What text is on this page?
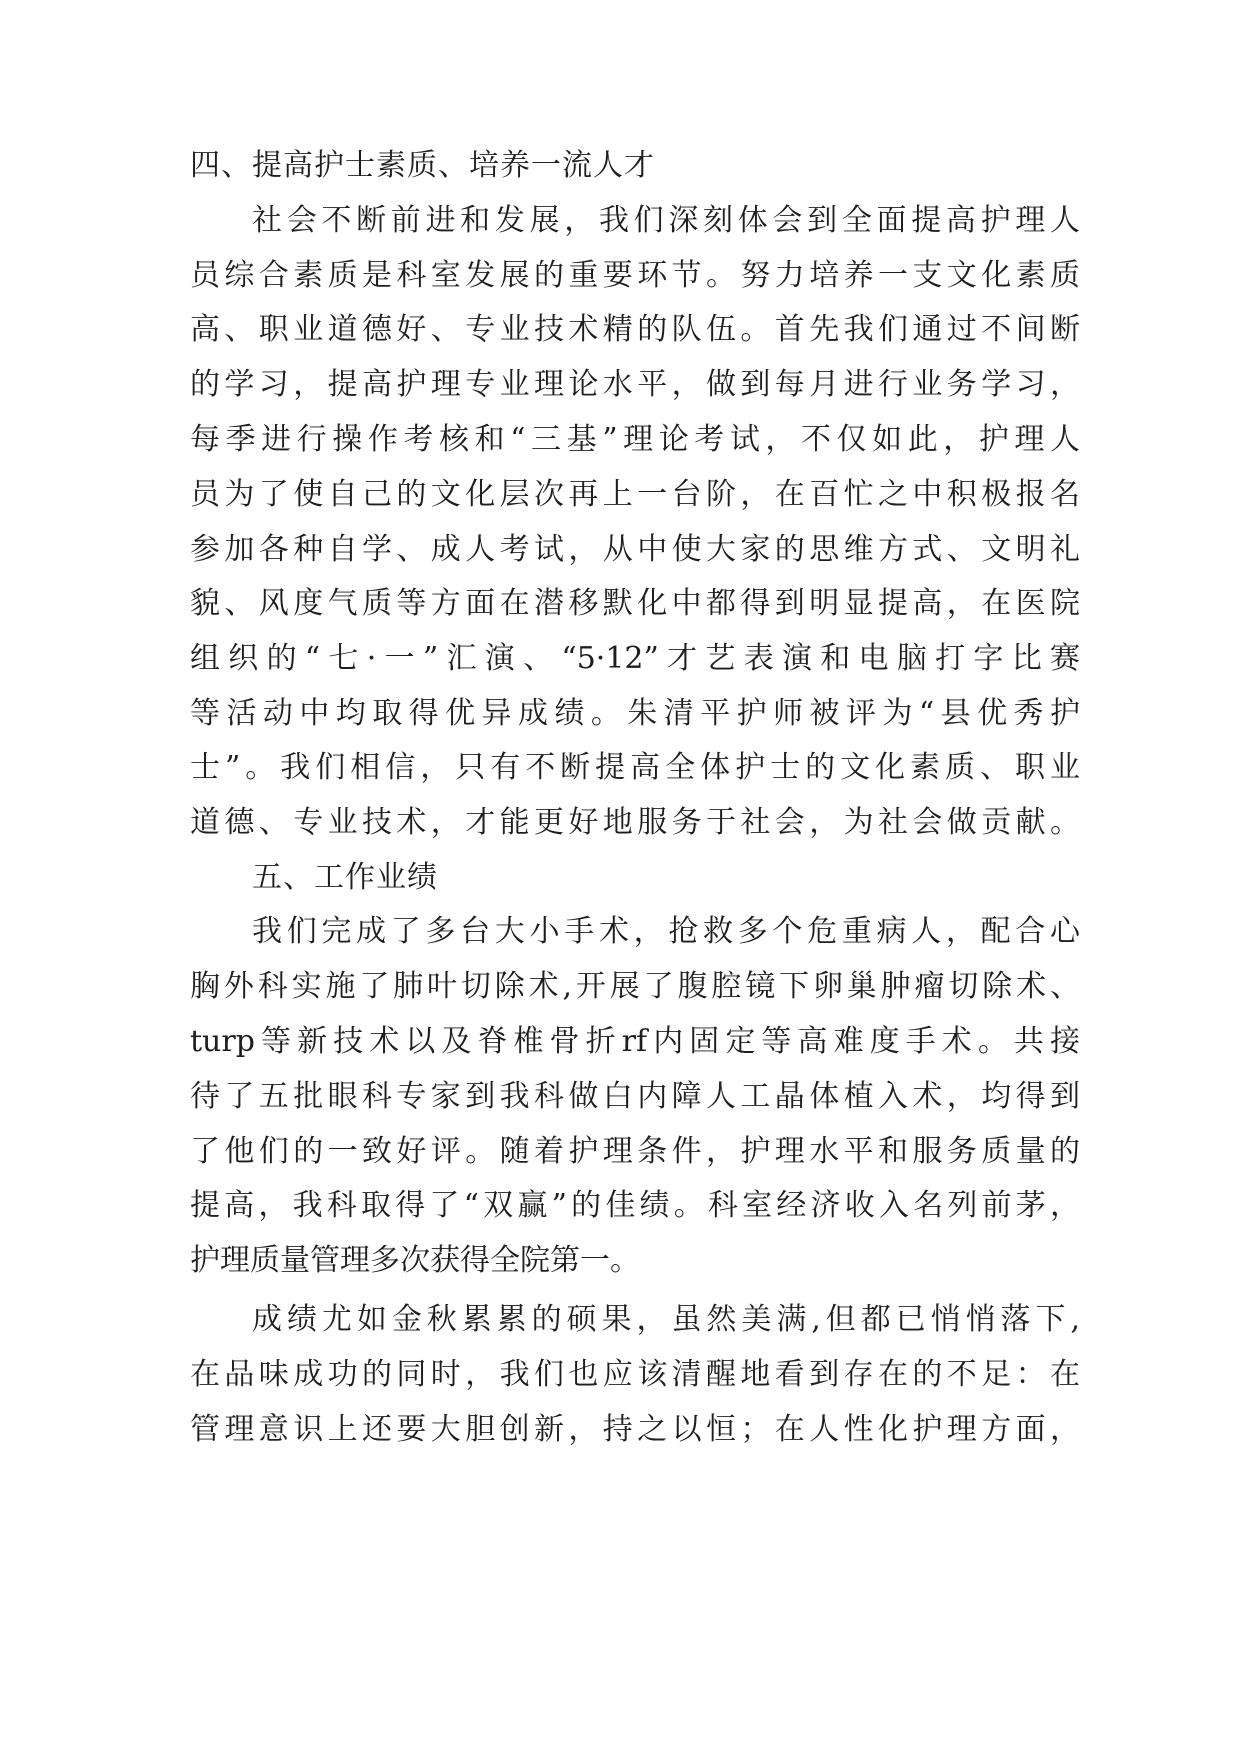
四、提高护士素质、培养一流人才
社会不断前进和发展，我们深刻体会到全面提高护理人
员综合素质是科室发展的重要环节。努力培养一支文化素质
高、职业道德好、专业技术精的队伍。首先我们通过不间断
的学习，提高护理专业理论水平，做到每月进行业务学习，
每季进行操作考核和“三基”理论考试，不仅如此，护理人
员为了使自己的文化层次再上一台阶，在百忙之中积极报名
参加各种自学、成人考试，从中使大家的思维方式、文明礼
貌、风度气质等方面在潜移默化中都得到明显提高，在医院
组织的“七·一”汇演、“5·12”才艺表演和电脑打字比赛
等活动中均取得优异成绩。朱清平护师被评为“县优秀护
士”。我们相信，只有不断提高全体护士的文化素质、职业
道德、专业技术，才能更好地服务于社会，为社会做贡献。
五、工作业绩
我们完成了多台大小手术，抢救多个危重病人，配合心
胸外科实施了肺叶切除术,开展了腹腔镜下卵巢肿瘤切除术、
turp等新技术以及脊椎骨折rf内固定等高难度手术。共接
待了五批眼科专家到我科做白内障人工晶体植入术，均得到
了他们的一致好评。随着护理条件，护理水平和服务质量的
提高，我科取得了“双赢”的佳绩。科室经济收入名列前茅，
护理质量管理多次获得全院第一。
成绩尤如金秋累累的硕果，虽然美满,但都已悄悄落下,
在品味成功的同时，我们也应该清醒地看到存在的不足：在
管理意识上还要大胆创新，持之以恒；在人性化护理方面，
